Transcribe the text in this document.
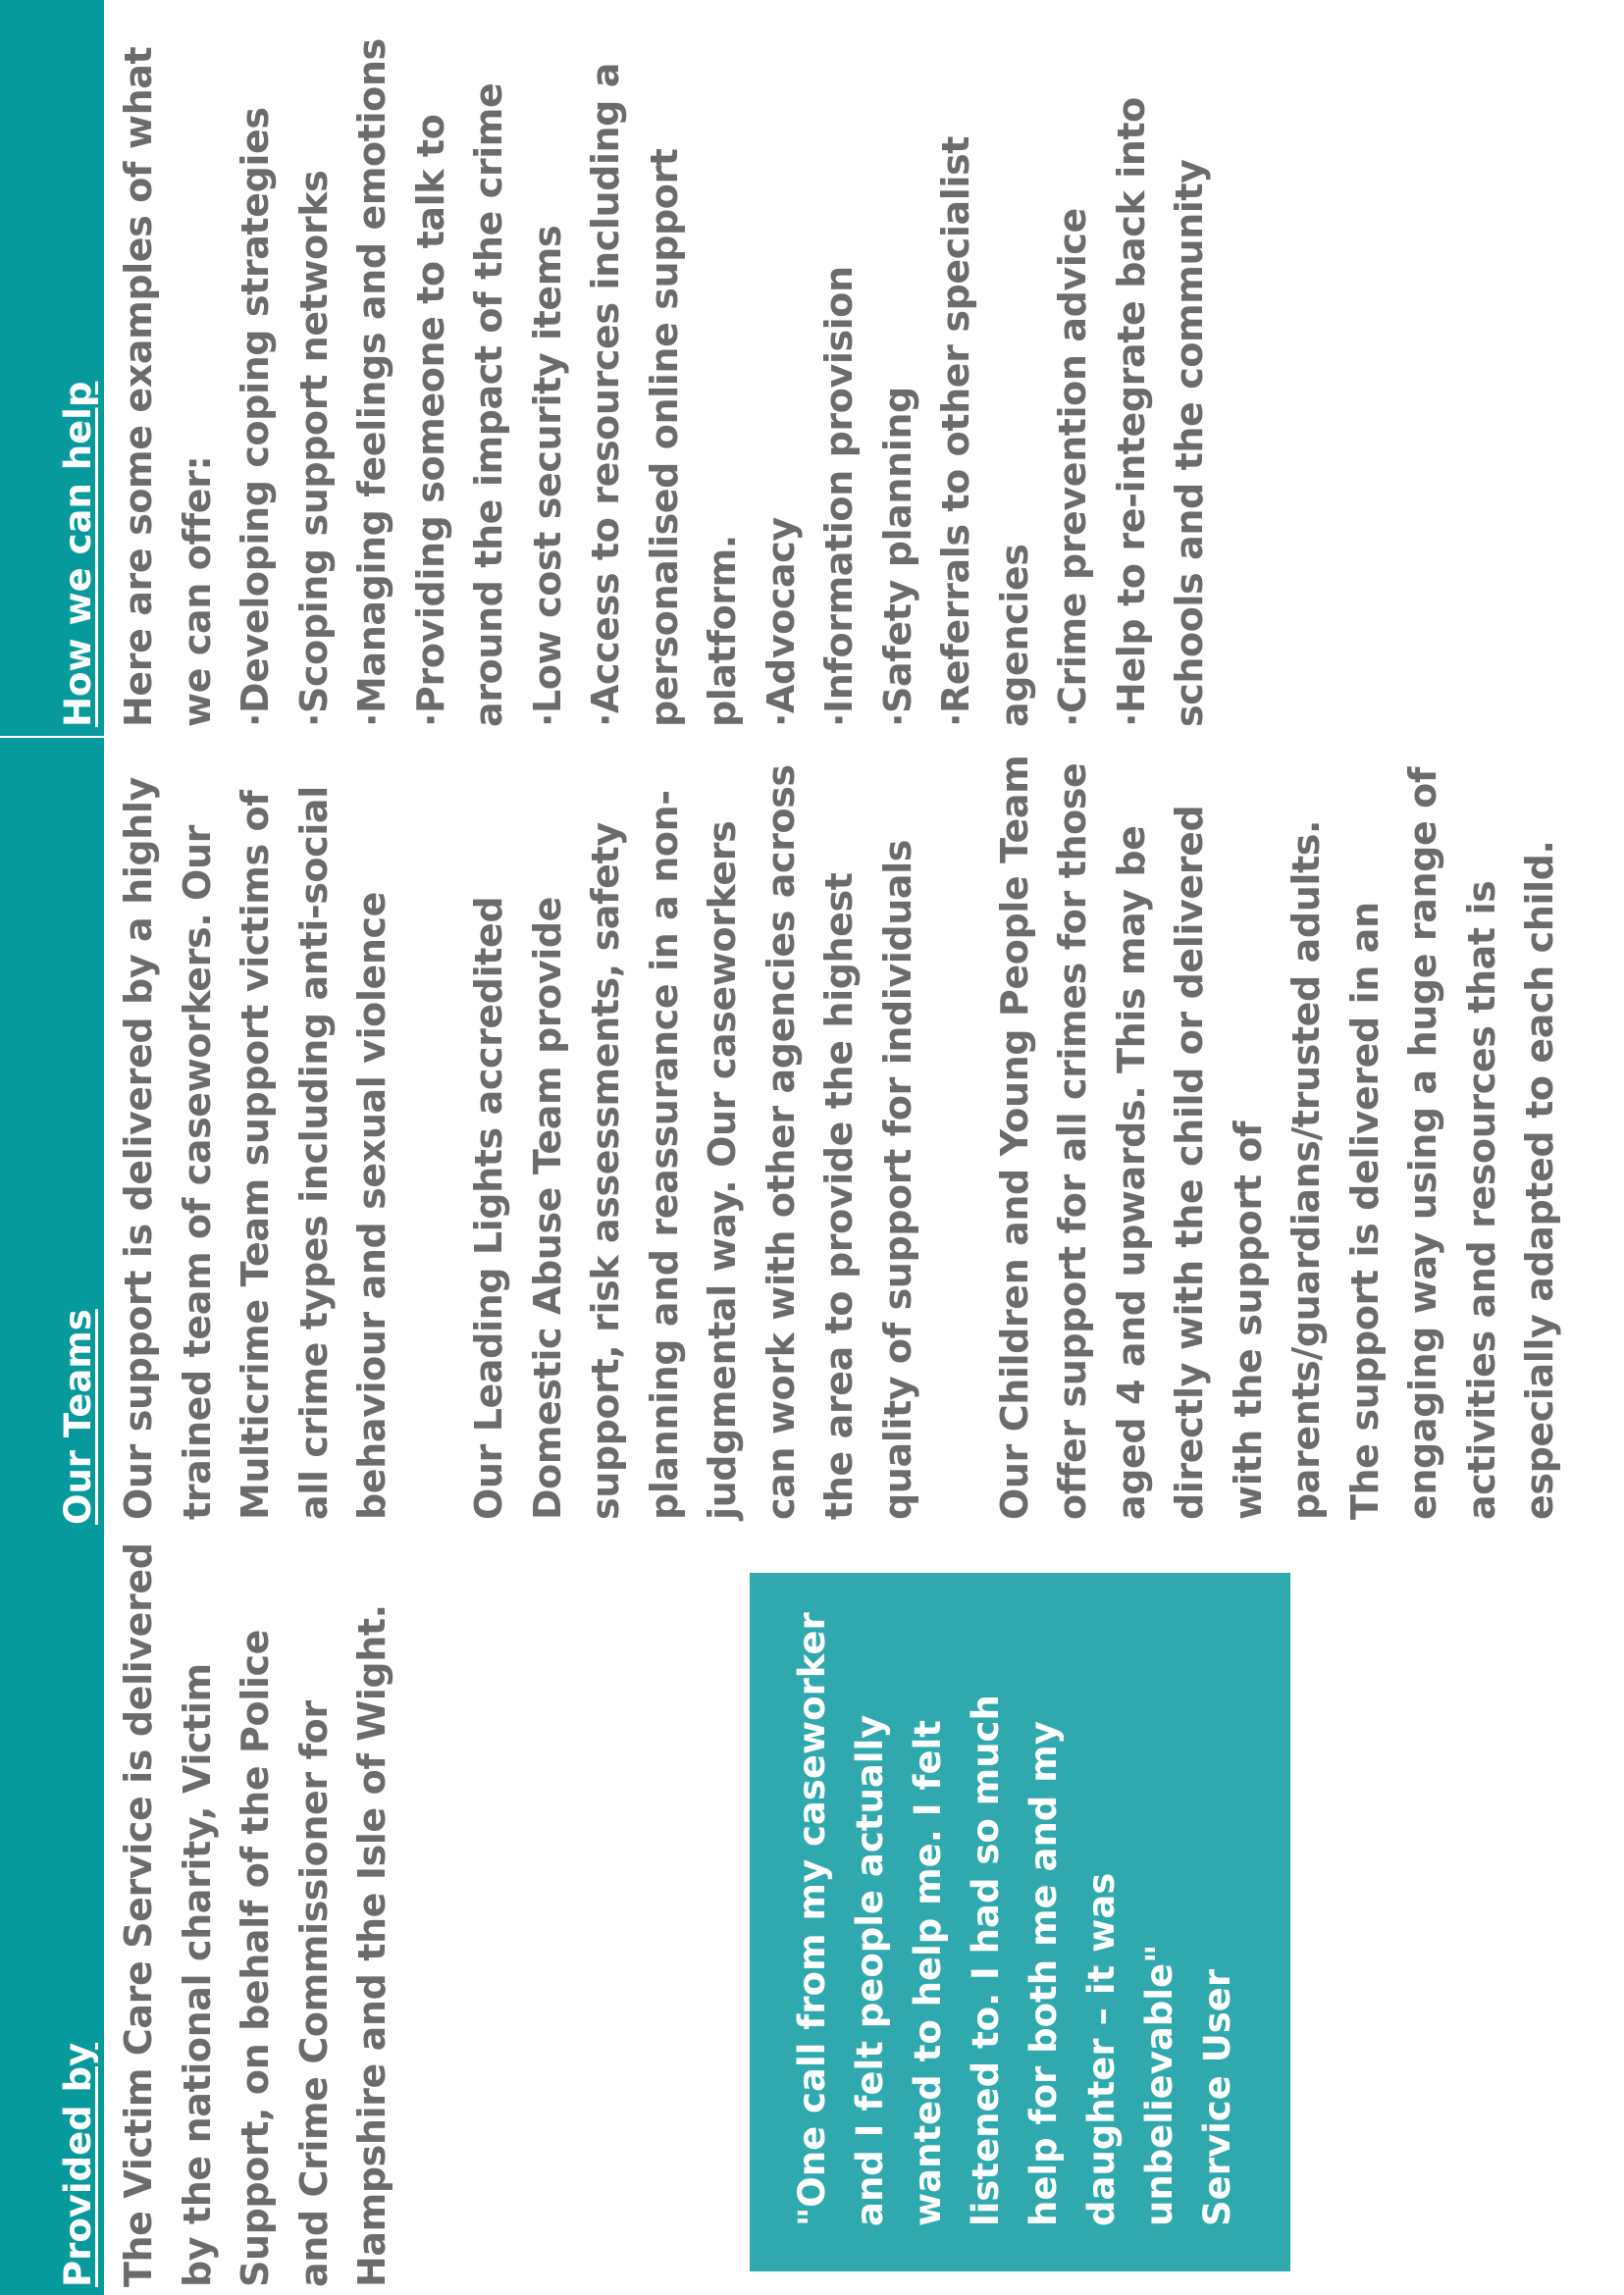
Provided by
Our Teams
How we can help

The Victim Care Service is delivered by the national charity, Victim Support, on behalf of the Police and Crime Commissioner for Hampshire and the Isle of Wight.	"One call from my caseworker and I felt people actually wanted to help me. I felt listened to. I had so much help for both me and my daughter – it was unbelievable" Service User

Our support is delivered by a highly trained team of caseworkers. Our Multicrime Team support victims of all crime types including anti-social behaviour and sexual violence Our Leading Lights accredited Domestic Abuse Team provide support, risk assessments, safety planning and reassurance in a non-judgmental way. Our caseworkers can work with other agencies across the area to provide the highest quality of support for individuals Our Children and Young People Team offer support for all crimes for those aged 4 and upwards. This may be directly with the child or delivered with the support of parents/guardians/trusted adults. The support is delivered in an engaging way using a huge range of activities and resources that is especially adapted to each child.

Here are some examples of what we can offer: ·Developing coping strategies ·Scoping support networks ·Managing feelings and emotions ·Providing someone to talk to around the impact of the crime ·Low cost security items ·Access to resources including a personalised online support platform. ·Advocacy ·Information provision ·Safety planning ·Referrals to other specialist agencies ·Crime prevention advice ·Help to re-integrate back into schools and the community
